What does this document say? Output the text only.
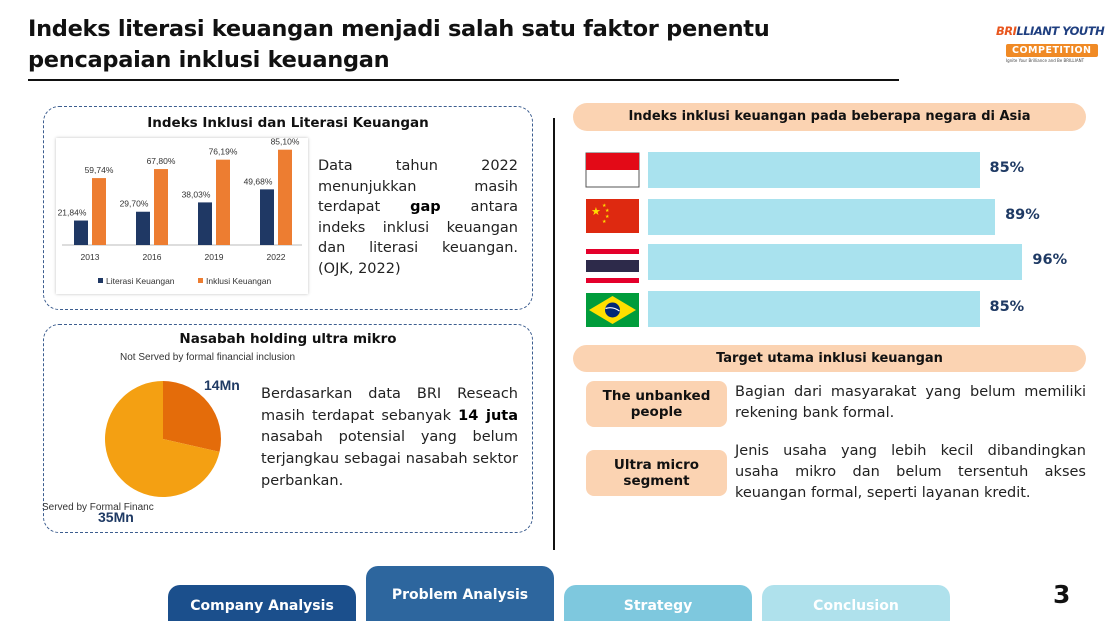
Indeks literasi keuangan menjadi salah satu faktor penentu pencapaian inklusi keuangan
BRILLIANT YOUTH
COMPETITION
Ignite Your Brilliance and Be BRILLIANT
Indeks Inklusi dan Literasi Keuangan
21,84%
59,74%
2013
29,70%
67,80%
2016
38,03%
76,19%
2019
49,68%
85,10%
2022
Literasi Keuangan	Inklusi Keuangan
Data tahun 2022 menunjukkan masih terdapat gap antara indeks inklusi keuangan dan literasi keuangan. (OJK, 2022)
Nasabah holding ultra mikro
Not Served by formal financial inclusion
14Mn
Served by Formal Financ
35Mn
Berdasarkan data BRI Reseach masih terdapat sebanyak 14 juta nasabah potensial yang belum terjangkau sebagai nasabah sektor perbankan.
Indeks inklusi keuangan pada beberapa negara di Asia
★ ★
★
★
★
85%
89%
96%
85%
Target utama inklusi keuangan
The unbanked people
Bagian dari masyarakat yang belum memiliki rekening bank formal.
Ultra micro segment
Jenis usaha yang lebih kecil dibandingkan usaha mikro dan belum tersentuh akses keuangan formal, seperti layanan kredit.
Company Analysis
Problem Analysis
Strategy	Conclusion	3
